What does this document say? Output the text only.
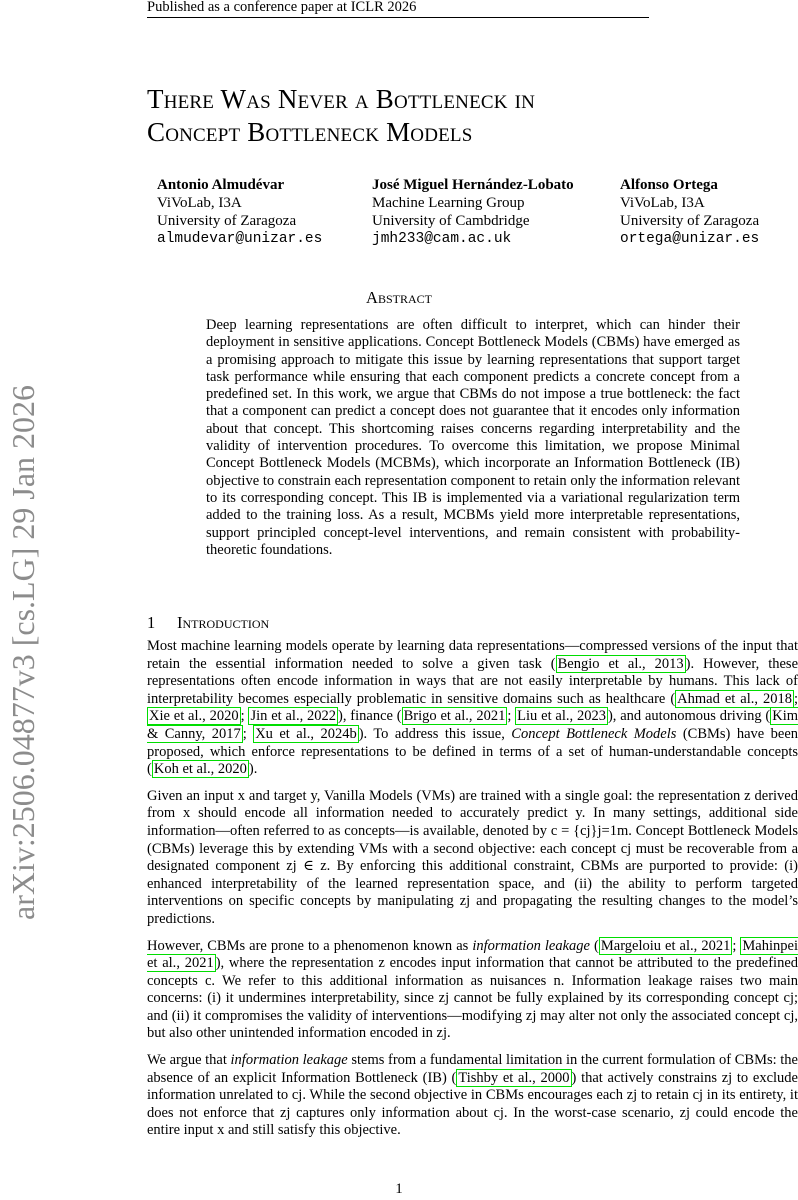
Published as a conference paper at ICLR 2026
arXiv:2506.04877v3 [cs.LG] 29 Jan 2026
There Was Never a Bottleneck in
Concept Bottleneck Models
Antonio Almudévar
ViVoLab, I3A
University of Zaragoza
almudevar@unizar.es
José Miguel Hernández-Lobato
Machine Learning Group
University of Cambdridge
jmh233@cam.ac.uk
Alfonso Ortega
ViVoLab, I3A
University of Zaragoza
ortega@unizar.es
Abstract
Deep learning representations are often difficult to interpret, which can hinder their deployment in sensitive applications. Concept Bottleneck Models (CBMs) have emerged as a promising approach to mitigate this issue by learning representations that support target task performance while ensuring that each component predicts a concrete concept from a predefined set. In this work, we argue that CBMs do not impose a true bottleneck: the fact that a component can predict a concept does not guarantee that it encodes only information about that concept. This shortcoming raises concerns regarding interpretability and the validity of intervention procedures. To overcome this limitation, we propose Minimal Concept Bottleneck Models (MCBMs), which incorporate an Information Bottleneck (IB) objective to constrain each representation component to retain only the information relevant to its corresponding concept. This IB is implemented via a variational regularization term added to the training loss. As a result, MCBMs yield more interpretable representations, support principled concept-level interventions, and remain consistent with probability-theoretic foundations.
1 Introduction

Most machine learning models operate by learning data representations—compressed versions of the input that retain the essential information needed to solve a given task ( Bengio et al., 2013 ). However, these representations often encode information in ways that are not easily interpretable by humans. This lack of interpretability becomes especially problematic in sensitive domains such as healthcare ( Ahmad et al., 2018 ; Xie et al., 2020 ; Jin et al., 2022 ), finance ( Brigo et al., 2021 ; Liu et al., 2023 ), and autonomous driving ( Kim & Canny, 2017 ; Xu et al., 2024b ). To address this issue, Concept Bottleneck Models (CBMs) have been proposed, which enforce representations to be defined in terms of a set of human-understandable concepts ( Koh et al., 2020 ).

Given an input x and target y, Vanilla Models (VMs) are trained with a single goal: the representation z derived from x should encode all information needed to accurately predict y. In many settings, additional side information—often referred to as concepts—is available, denoted by c = {cj}j=1m. Concept Bottleneck Models (CBMs) leverage this by extending VMs with a second objective: each concept cj must be recoverable from a designated component zj ∈ z. By enforcing this additional constraint, CBMs are purported to provide: (i) enhanced interpretability of the learned representation space, and (ii) the ability to perform targeted interventions on specific concepts by manipulating zj and propagating the resulting changes to the model’s predictions.

However, CBMs are prone to a phenomenon known as information leakage ( Margeloiu et al., 2021 ; Mahinpei et al., 2021 ), where the representation z encodes input information that cannot be attributed to the predefined concepts c. We refer to this additional information as nuisances n. Information leakage raises two main concerns: (i) it undermines interpretability, since zj cannot be fully explained by its corresponding concept cj; and (ii) it compromises the validity of interventions—modifying zj may alter not only the associated concept cj, but also other unintended information encoded in zj.

We argue that information leakage stems from a fundamental limitation in the current formulation of CBMs: the absence of an explicit Information Bottleneck (IB) ( Tishby et al., 2000 ) that actively constrains zj to exclude information unrelated to cj. While the second objective in CBMs encourages each zj to retain cj in its entirety, it does not enforce that zj captures only information about cj. In the worst-case scenario, zj could encode the entire input x and still satisfy this objective.

1
